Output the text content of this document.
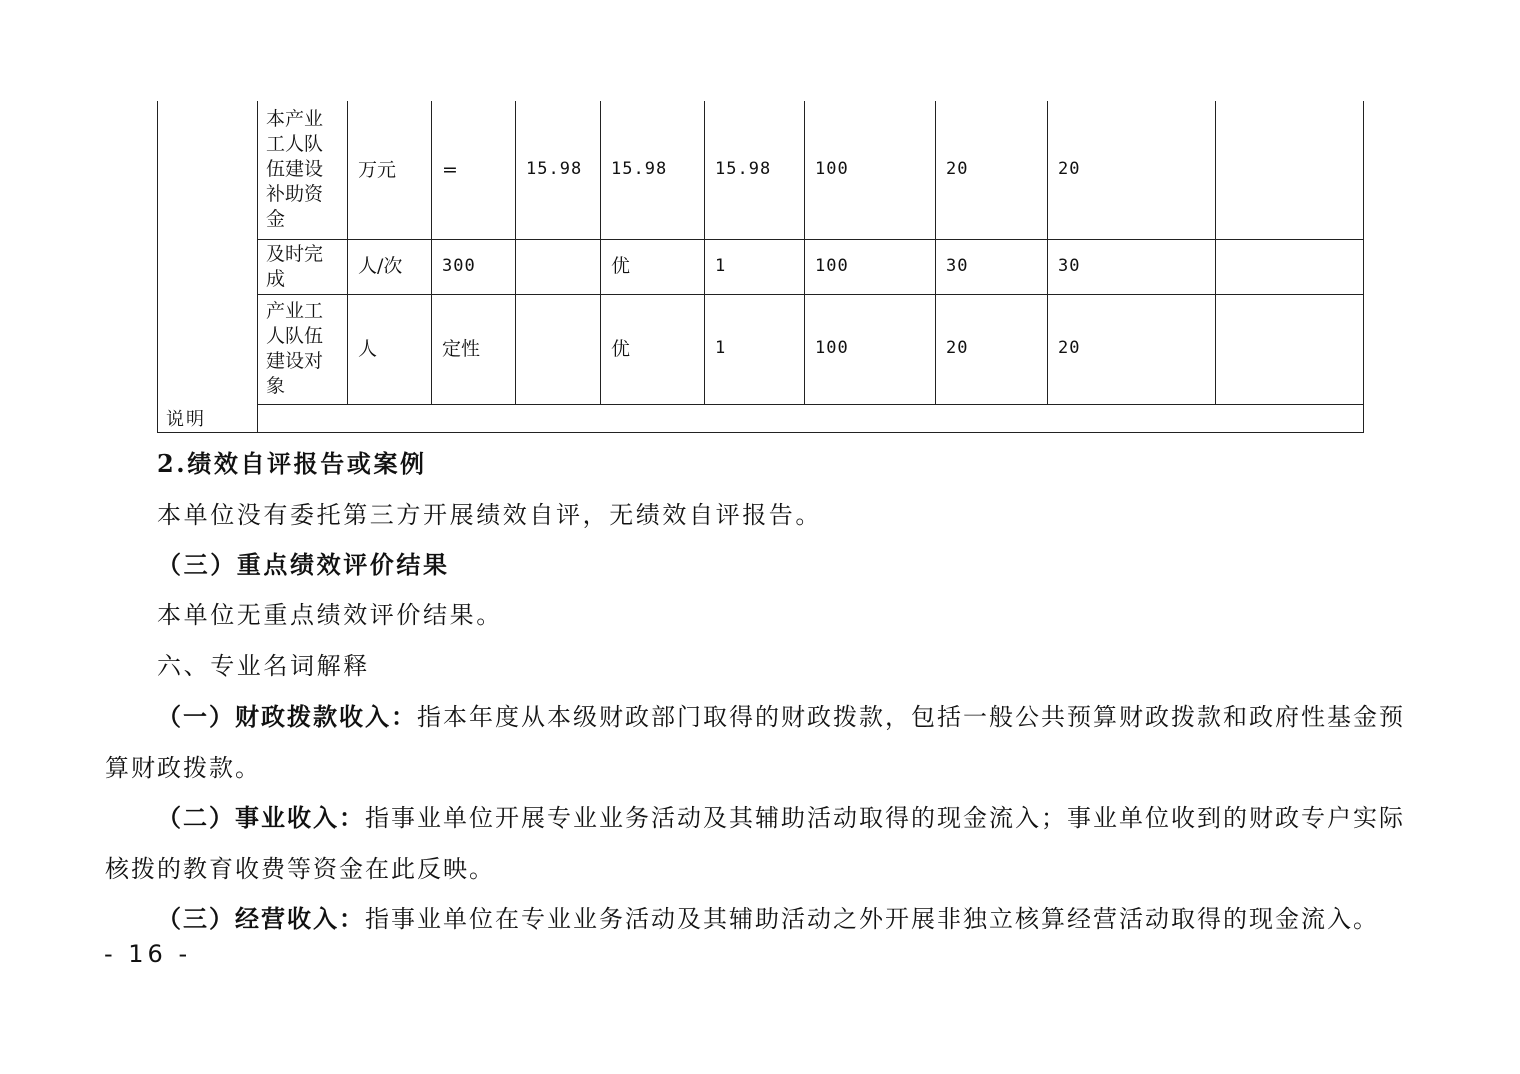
	本产业工人队伍建设补助资金	万元	=	15.98	15.98	15.98	100	20	20	
	及时完成	人/次	300		优	1	100	30	30	
	产业工人队伍建设对象	人	定性		优	1	100	20	20	
说明										

2.绩效自评报告或案例

本单位没有委托第三方开展绩效自评，无绩效自评报告。

（三）重点绩效评价结果

本单位无重点绩效评价结果。

六、专业名词解释

（一）财政拨款收入：指本年度从本级财政部门取得的财政拨款，包括一般公共预算财政拨款和政府性基金预算财政拨款。

（二）事业收入：指事业单位开展专业业务活动及其辅助活动取得的现金流入；事业单位收到的财政专户实际核拨的教育收费等资金在此反映。

（三）经营收入：指事业单位在专业业务活动及其辅助活动之外开展非独立核算经营活动取得的现金流入。

- 16 -
